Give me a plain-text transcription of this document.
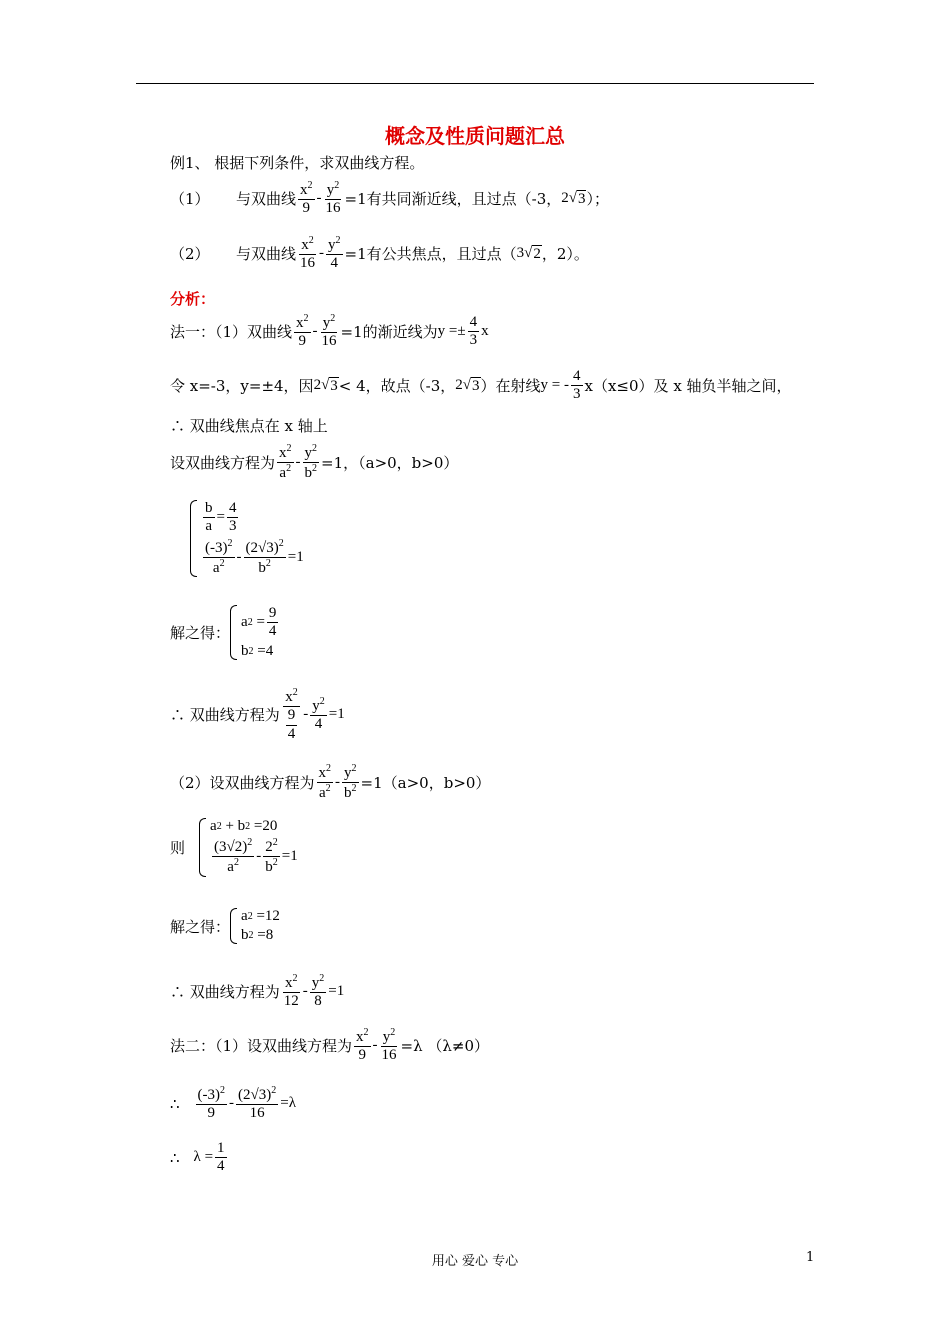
概念及性质问题汇总
例1、 根据下列条件，求双曲线方程。
（1）	与双曲线 $\frac{x^2}{9} - \frac{y^2}{16} =1$有共同渐近线，且过点（-3， 2√ 3 ）；
（2）	与双曲线 $\frac{x^2}{16} - \frac{y^2}{4} =1$有公共焦点，且过点（ 3√ 2 ，2）。
分析：
法一：（1）双曲线 $\frac{x^2}{9} - \frac{y^2}{16} =1$的渐近线为 $y =\pm \frac{4}{3}$ x
令 x=-3，y=±4，因 2√ 3 < 4，故点（-3， 2√ 3 ）在射线 y = - $\frac{4}{3} x(x\le 0)$及 x 轴负半轴之间，
∴ 双曲线焦点在 x 轴上
设双曲线方程为 $\frac{x^2}{a^2} - \frac{y^2}{b^2} =1$，（a>0，b>0）
$\frac{b}{a} = \frac{4}{3}$
$\frac{(-3)^2}{a^2} - \frac{(2√3)^2}{b^2} =1$
解之得：
a $2 = \frac{9}{4}$
b 2 =4
∴ 双曲线方程为 $\frac{x^2}{\frac{9}{4}} - \frac{y^2}{4} =1$
（2）设双曲线方程为 $\frac{x^2}{a^2} - \frac{y^2}{b^2} =1(a>0$，b>0）
则
a 2 + b 2 =20
$\frac{(3√2)^2}{a^2} - \frac{2^2}{b^2} =1$
解之得：
a 2 =12
b 2 =8
∴ 双曲线方程为 $\frac{x^2}{12} - \frac{y^2}{8} =1$
法二：（1）设双曲线方程为 $\frac{x^2}{9} - \frac{y^2}{16} =\lambda$ （λ≠0）
∴ $\frac{(-3)^2}{9} - \frac{(2√3)^2}{16} =\lambda$
∴ $\lambda = \frac{1}{4}$
用心 爱心 专心	1
